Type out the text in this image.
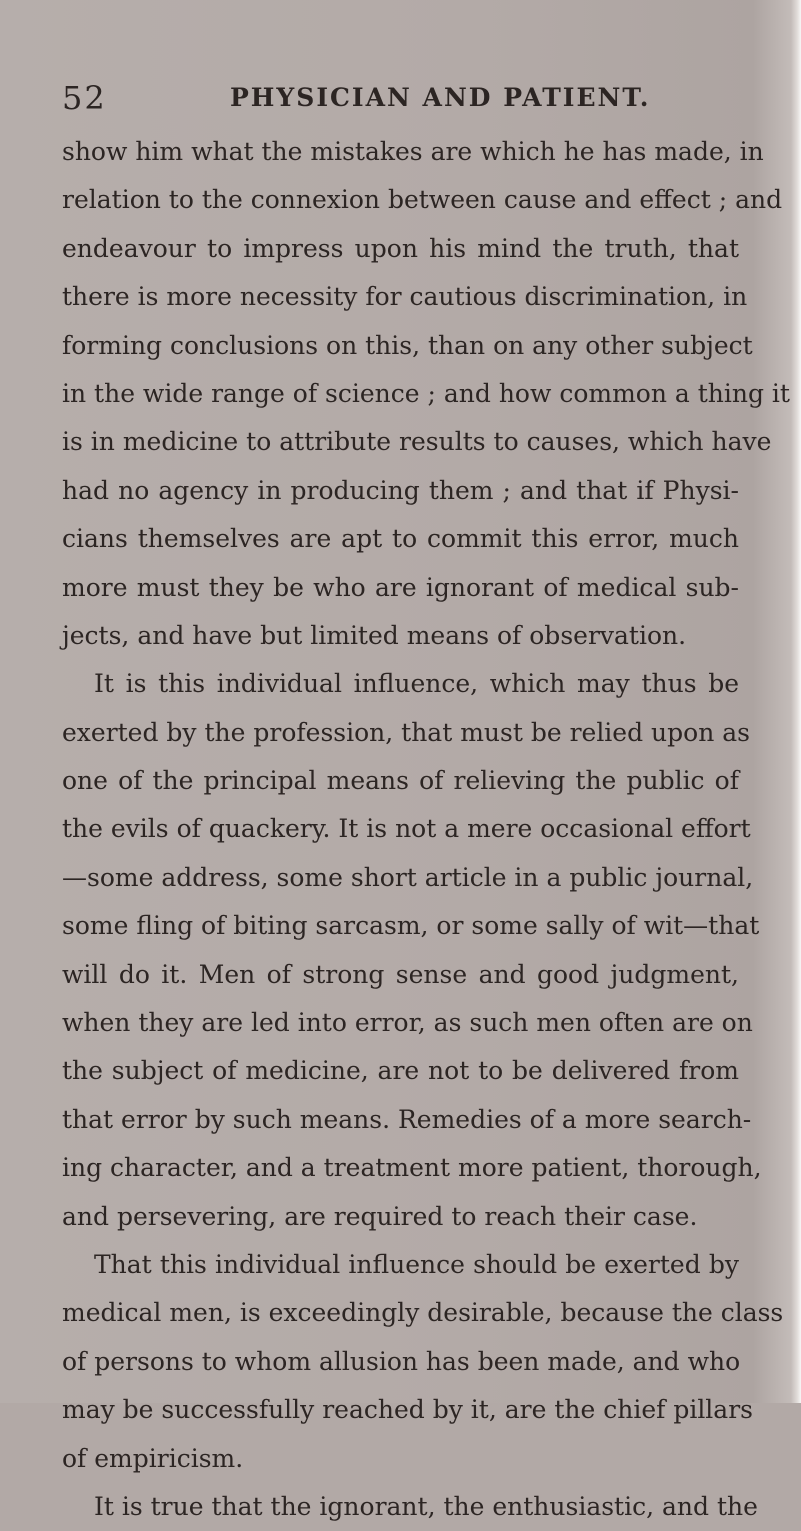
52	PHYSICIAN AND PATIENT.
show him what the mistakes are which he has made, in
relation to the connexion between cause and effect ; and
endeavour to impress upon his mind the truth, that
there is more necessity for cautious discrimination, in
forming conclusions on this, than on any other subject
in the wide range of science ; and how common a thing it
is in medicine to attribute results to causes, which have
had no agency in producing them ; and that if Physi-
cians themselves are apt to commit this error, much
more must they be who are ignorant of medical sub-
jects, and have but limited means of observation.
It is this individual influence, which may thus be
exerted by the profession, that must be relied upon as
one of the principal means of relieving the public of
the evils of quackery. It is not a mere occasional effort
—some address, some short article in a public journal,
some fling of biting sarcasm, or some sally of wit—that
will do it. Men of strong sense and good judgment,
when they are led into error, as such men often are on
the subject of medicine, are not to be delivered from
that error by such means. Remedies of a more search-
ing character, and a treatment more patient, thorough,
and persevering, are required to reach their case.
That this individual influence should be exerted by
medical men, is exceedingly desirable, because the class
of persons to whom allusion has been made, and who
may be successfully reached by it, are the chief pillars
of empiricism.
It is true that the ignorant, the enthusiastic, and the
